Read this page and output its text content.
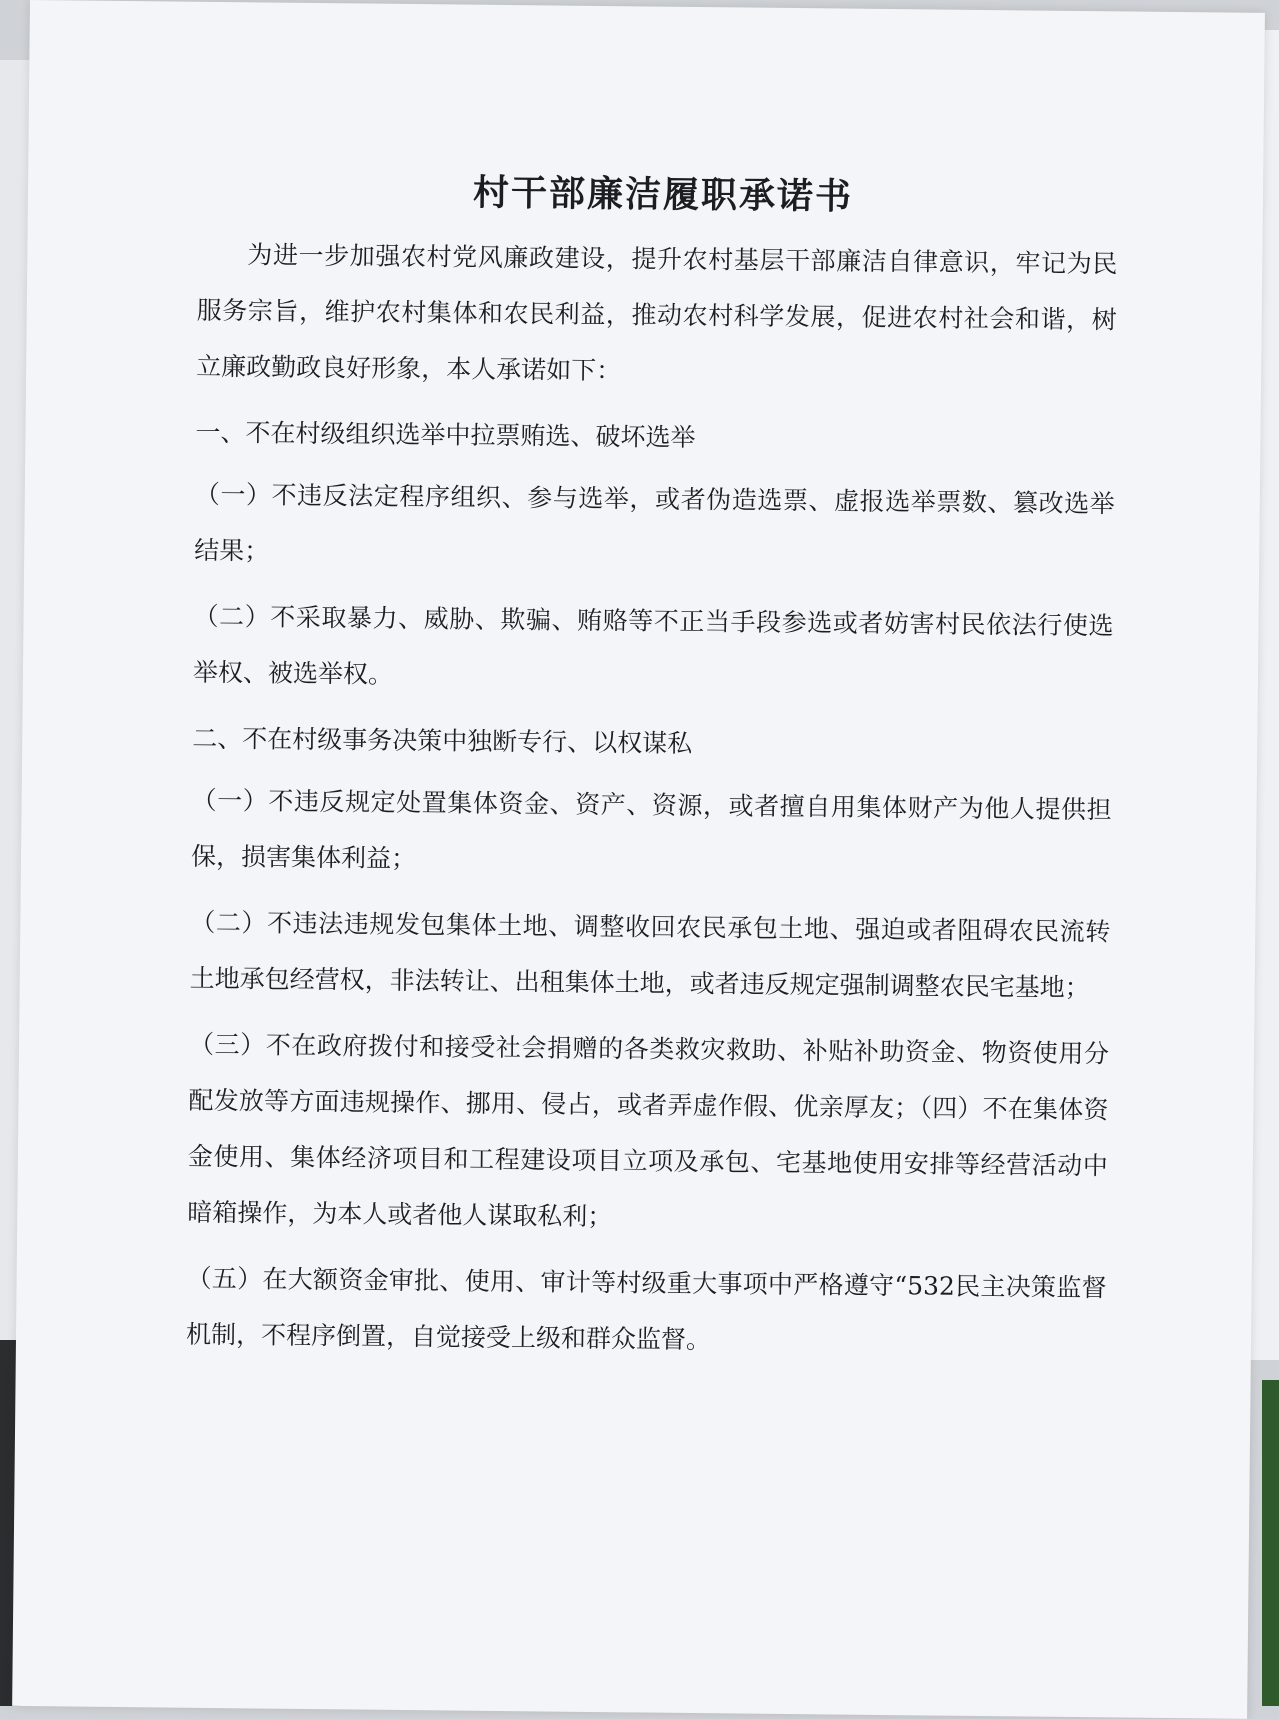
村干部廉洁履职承诺书

为进一步加强农村党风廉政建设，提升农村基层干部廉洁自律意识，牢记为民服务宗旨，维护农村集体和农民利益，推动农村科学发展，促进农村社会和谐，树立廉政勤政良好形象，本人承诺如下：

一、不在村级组织选举中拉票贿选、破坏选举

（一）不违反法定程序组织、参与选举，或者伪造选票、虚报选举票数、篡改选举结果；

（二）不采取暴力、威胁、欺骗、贿赂等不正当手段参选或者妨害村民依法行使选举权、被选举权。

二、不在村级事务决策中独断专行、以权谋私

（一）不违反规定处置集体资金、资产、资源，或者擅自用集体财产为他人提供担保，损害集体利益；

（二）不违法违规发包集体土地、调整收回农民承包土地、强迫或者阻碍农民流转土地承包经营权，非法转让、出租集体土地，或者违反规定强制调整农民宅基地；

（三）不在政府拨付和接受社会捐赠的各类救灾救助、补贴补助资金、物资使用分配发放等方面违规操作、挪用、侵占，或者弄虚作假、优亲厚友；（四）不在集体资金使用、集体经济项目和工程建设项目立项及承包、宅基地使用安排等经营活动中暗箱操作，为本人或者他人谋取私利；

（五）在大额资金审批、使用、审计等村级重大事项中严格遵守“532民主决策监督机制，不程序倒置，自觉接受上级和群众监督。
